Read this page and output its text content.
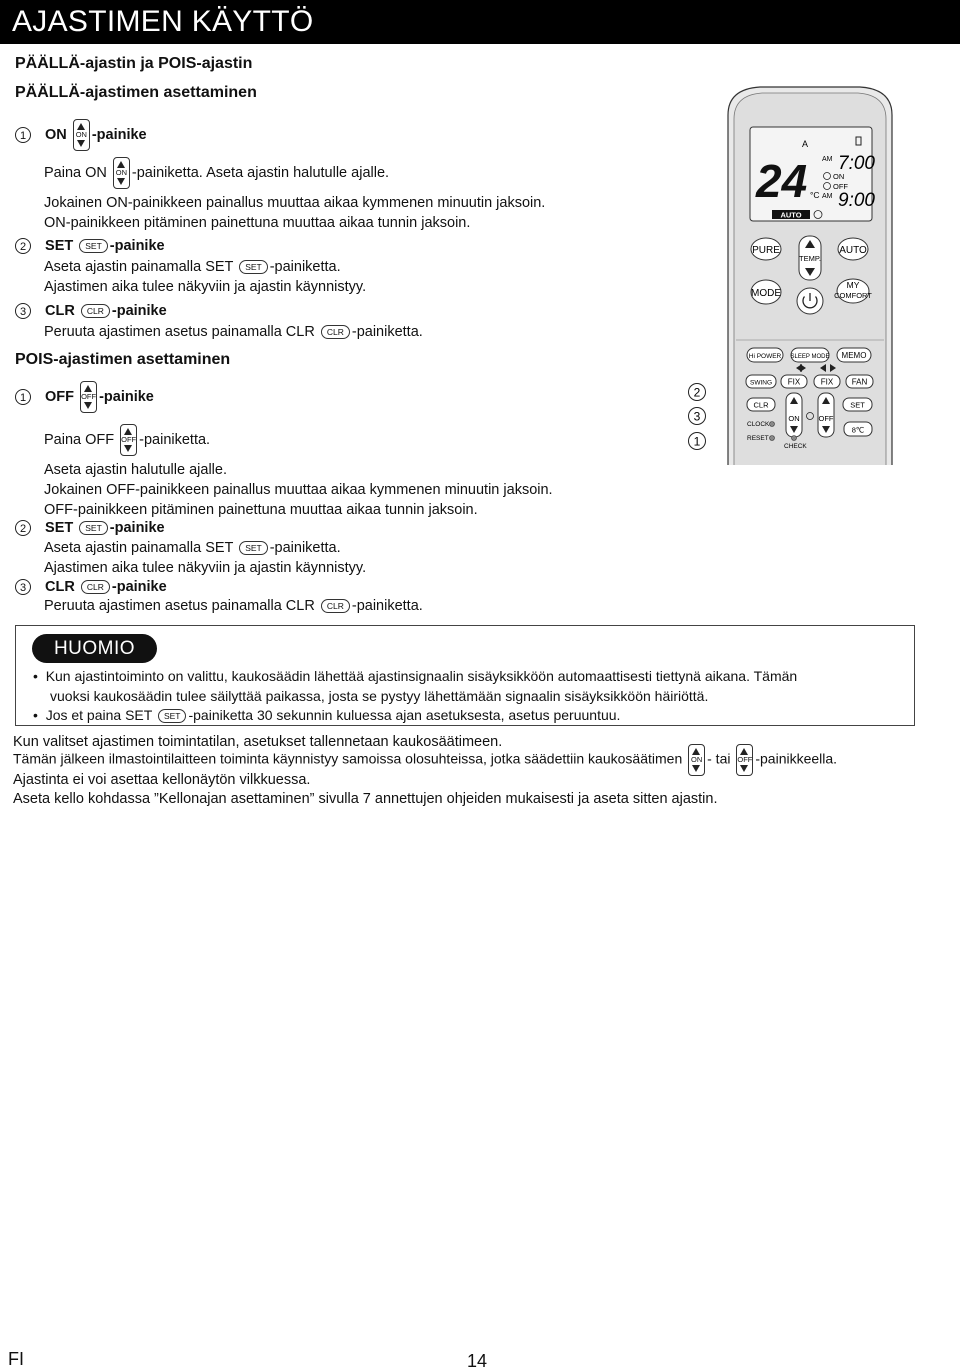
AJASTIMEN KÄYTTÖ
PÄÄLLÄ-ajastin ja POIS-ajastin
PÄÄLLÄ-ajastimen asettaminen
1 ON	ON -painike
Paina ON	ON -painiketta. Aseta ajastin halutulle ajalle.
Jokainen ON-painikkeen painallus muuttaa aikaa kymmenen minuutin jaksoin.
ON-painikkeen pitäminen painettuna muuttaa aikaa tunnin jaksoin.
2 SET SET -painike
Aseta ajastin painamalla SET SET -painiketta.
Ajastimen aika tulee näkyviin ja ajastin käynnistyy.
3 CLR CLR -painike
Peruuta ajastimen asetus painamalla CLR CLR -painiketta.
POIS-ajastimen asettaminen
1 OFF OFF -painike
Paina OFF OFF -painiketta.
Aseta ajastin halutulle ajalle.
Jokainen OFF-painikkeen painallus muuttaa aikaa kymmenen minuutin jaksoin.
OFF-painikkeen pitäminen painettuna muuttaa aikaa tunnin jaksoin.
2 SET SET -painike
Aseta ajastin painamalla SET SET -painiketta.
Ajastimen aika tulee näkyviin ja ajastin käynnistyy.
3 CLR CLR -painike
Peruuta ajastimen asetus painamalla CLR CLR -painiketta.
2
3
1
A
24 °C
AM 7:00
ON
OFF
AM 9:00
AUTO
PURE
TEMP.
AUTO
MODE
MY
COMFORT
Hi POWER SLEEP MODE MEMO
SWING FIX	FIX FAN
CLR	SET
ON	OFF
CLOCK
RESET
CHECK
8℃
HUOMIO
• Kun ajastintoiminto on valittu, kaukosäädin lähettää ajastinsignaalin sisäyksikköön automaattisesti tiettynä aikana. Tämän
vuoksi kaukosäädin tulee säilyttää paikassa, josta se pystyy lähettämään signaalin sisäyksikköön häiriöttä.
• Jos et paina SET SET -painiketta 30 sekunnin kuluessa ajan asetuksesta, asetus peruuntuu.
Kun valitset ajastimen toimintatilan, asetukset tallennetaan kaukosäätimeen.
Tämän jälkeen ilmastointilaitteen toiminta käynnistyy samoissa olosuhteissa, jotka säädettiin kaukosäätimen	ON - tai OFF -painikkeella.
Ajastinta ei voi asettaa kellonäytön vilkkuessa.
Aseta kello kohdassa ”Kellonajan asettaminen” sivulla 7 annettujen ohjeiden mukaisesti ja aseta sitten ajastin.
FI	14
